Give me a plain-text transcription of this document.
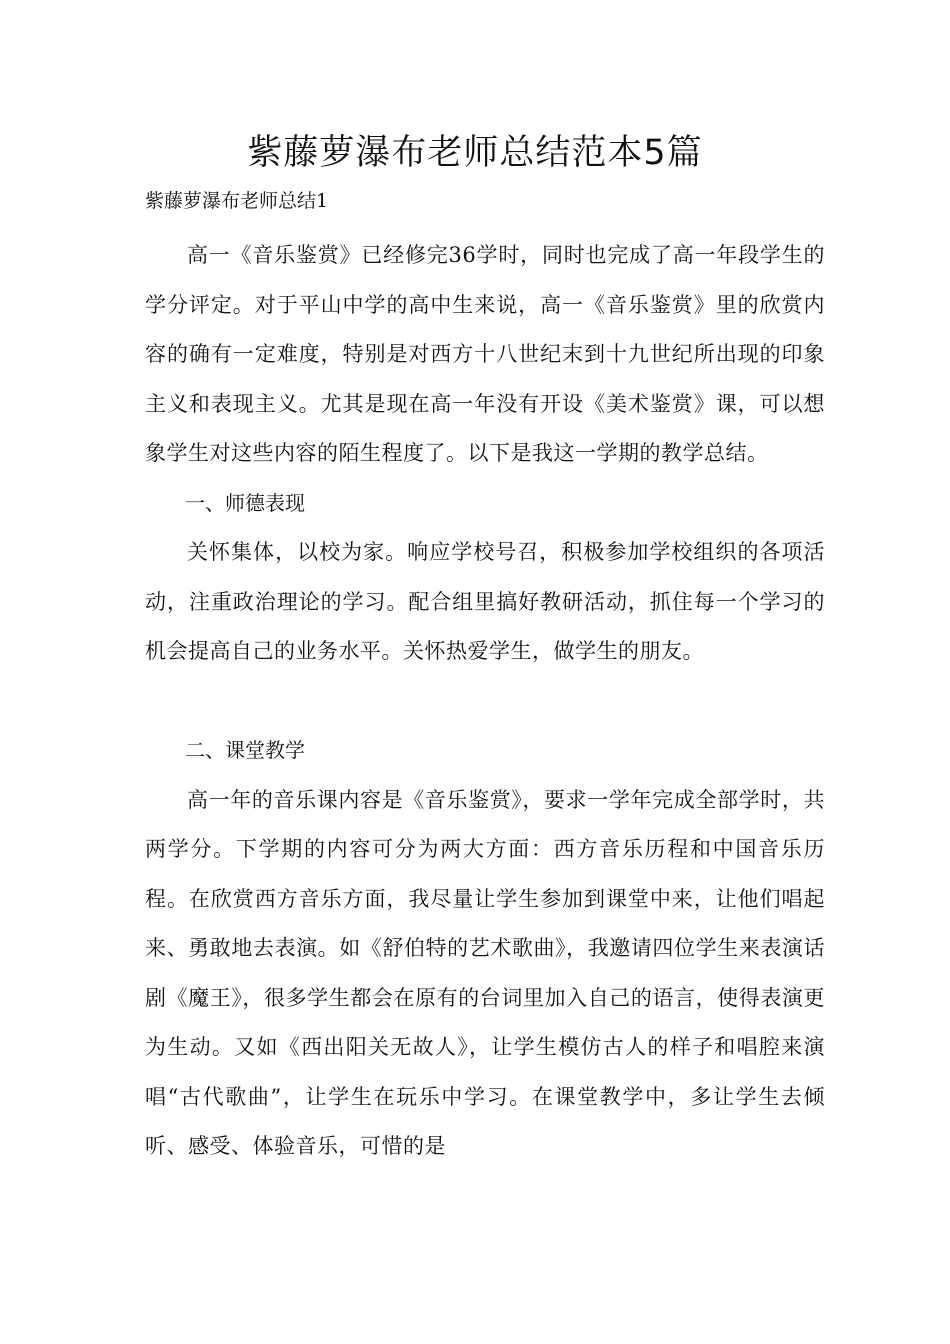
紫藤萝瀑布老师总结范本5篇

紫藤萝瀑布老师总结1

高一《音乐鉴赏》已经修完36学时，同时也完成了高一年段学生的学分评定。对于平山中学的高中生来说，高一《音乐鉴赏》里的欣赏内容的确有一定难度，特别是对西方十八世纪末到十九世纪所出现的印象主义和表现主义。尤其是现在高一年没有开设《美术鉴赏》课，可以想象学生对这些内容的陌生程度了。以下是我这一学期的教学总结。

一、师德表现

关怀集体，以校为家。响应学校号召，积极参加学校组织的各项活动，注重政治理论的学习。配合组里搞好教研活动，抓住每一个学习的机会提高自己的业务水平。关怀热爱学生，做学生的朋友。

二、课堂教学

高一年的音乐课内容是《音乐鉴赏》，要求一学年完成全部学时，共两学分。下学期的内容可分为两大方面：西方音乐历程和中国音乐历程。在欣赏西方音乐方面，我尽量让学生参加到课堂中来，让他们唱起来、勇敢地去表演。如《舒伯特的艺术歌曲》，我邀请四位学生来表演话剧《魔王》，很多学生都会在原有的台词里加入自己的语言，使得表演更为生动。又如《西出阳关无故人》，让学生模仿古人的样子和唱腔来演唱“古代歌曲”，让学生在玩乐中学习。在课堂教学中，多让学生去倾听、感受、体验音乐，可惜的是
